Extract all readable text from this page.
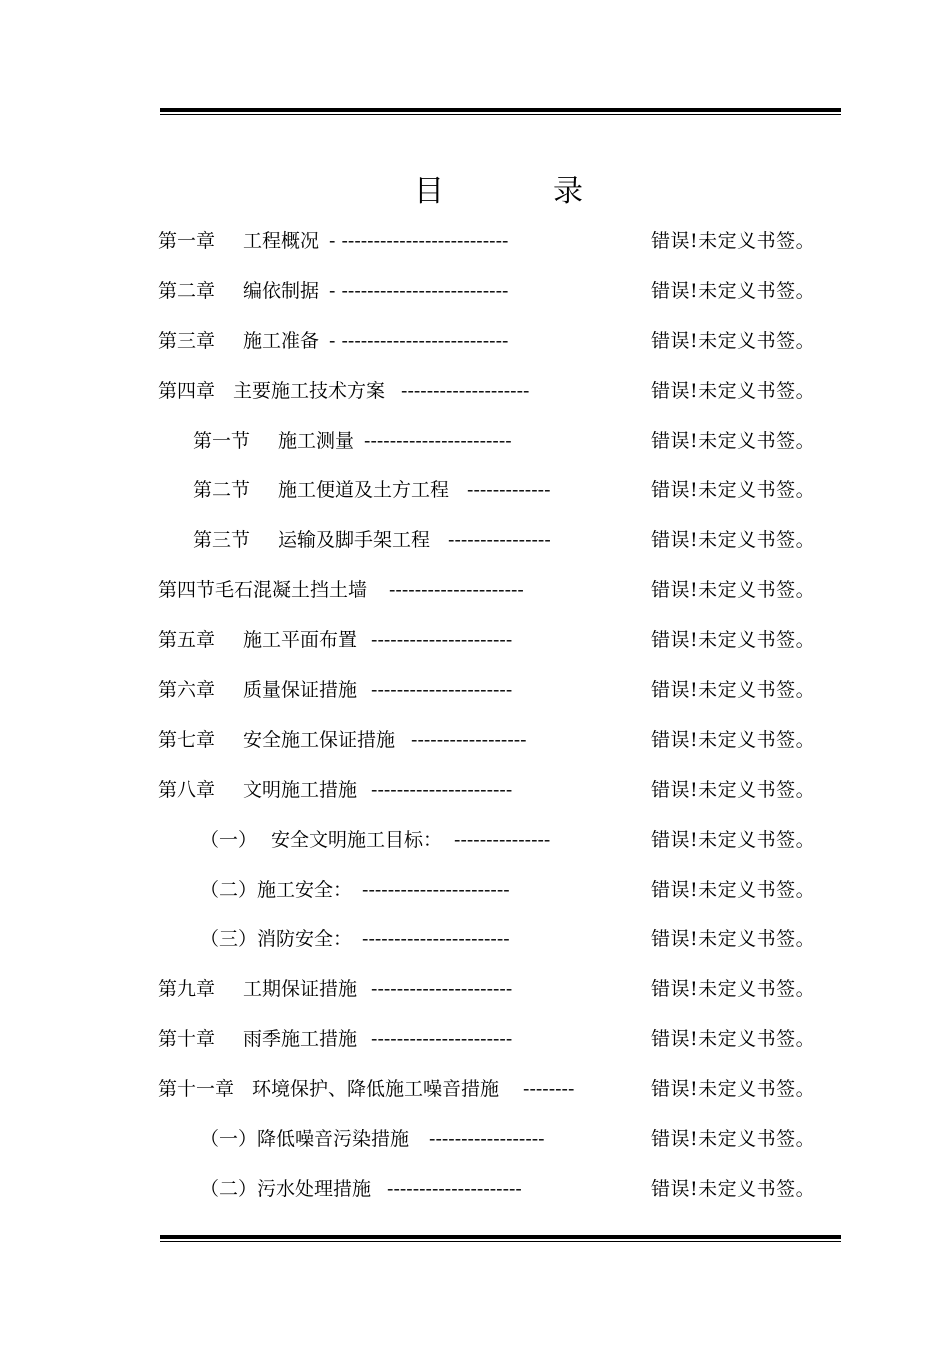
目	录
第一章 工程概况 - --------------------------	错误!未定义书签。
第二章 编依制据 - --------------------------	错误!未定义书签。
第三章 施工准备 - --------------------------	错误!未定义书签。
第四章 主要施工技术方案 --------------------	错误!未定义书签。
第一节 施工测量 -----------------------	错误!未定义书签。
第二节 施工便道及土方工程 -------------	错误!未定义书签。
第三节 运输及脚手架工程 ----------------	错误!未定义书签。
第四节毛石混凝土挡土墙 ---------------------	错误!未定义书签。
第五章 施工平面布置 ----------------------	错误!未定义书签。
第六章 质量保证措施 ----------------------	错误!未定义书签。
第七章 安全施工保证措施 ------------------	错误!未定义书签。
第八章 文明施工措施 ----------------------	错误!未定义书签。
（一） 安全文明施工目标： ---------------	错误!未定义书签。
（二）施工安全： -----------------------	错误!未定义书签。
（三）消防安全： -----------------------	错误!未定义书签。
第九章 工期保证措施 ----------------------	错误!未定义书签。
第十章 雨季施工措施 ----------------------	错误!未定义书签。
第十一章 环境保护、降低施工噪音措施 --------	错误!未定义书签。
（一）降低噪音污染措施 ------------------	错误!未定义书签。
（二）污水处理措施 ---------------------	错误!未定义书签。
